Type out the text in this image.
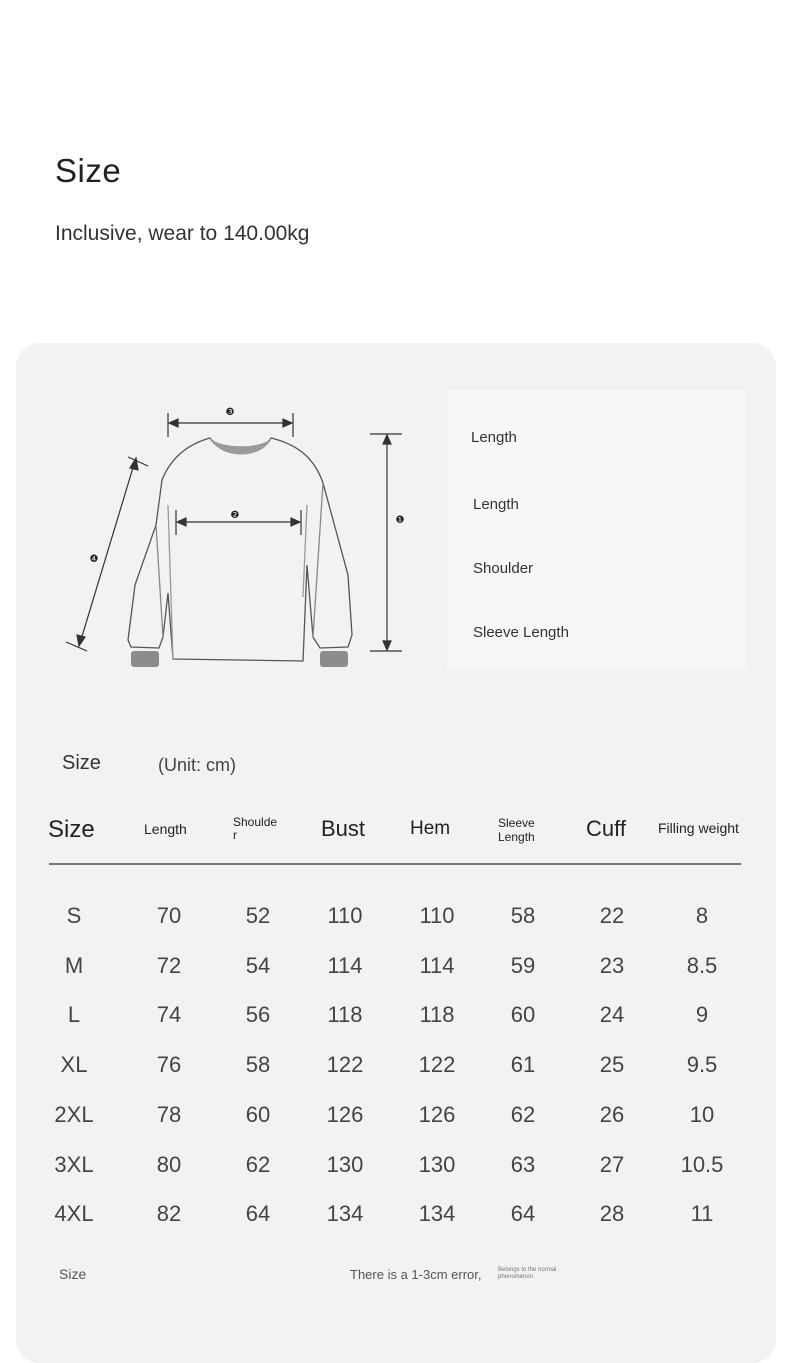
Size
Inclusive, wear to 140.00kg
❸
❷	❶
❹
Length
Length
Shoulder
Sleeve Length
Size	(Unit: cm)
Size	Length	Shoulde
r	Bust Hem	Sleeve
Length Cuff Filling weight
S	70	52	110	110	58	22	8
M	72	54	114	114	59	23	8.5
L	74	56	118	118	60	24	9
XL	76	58	122	122	61	25	9.5
2XL	78	60	126	126	62	26	10
3XL	80	62	130	130	63	27	10.5
4XL	82	64	134	134	64	28	11
Size	There is a 1-3cm error,	Belongs to the normal phenomenon
